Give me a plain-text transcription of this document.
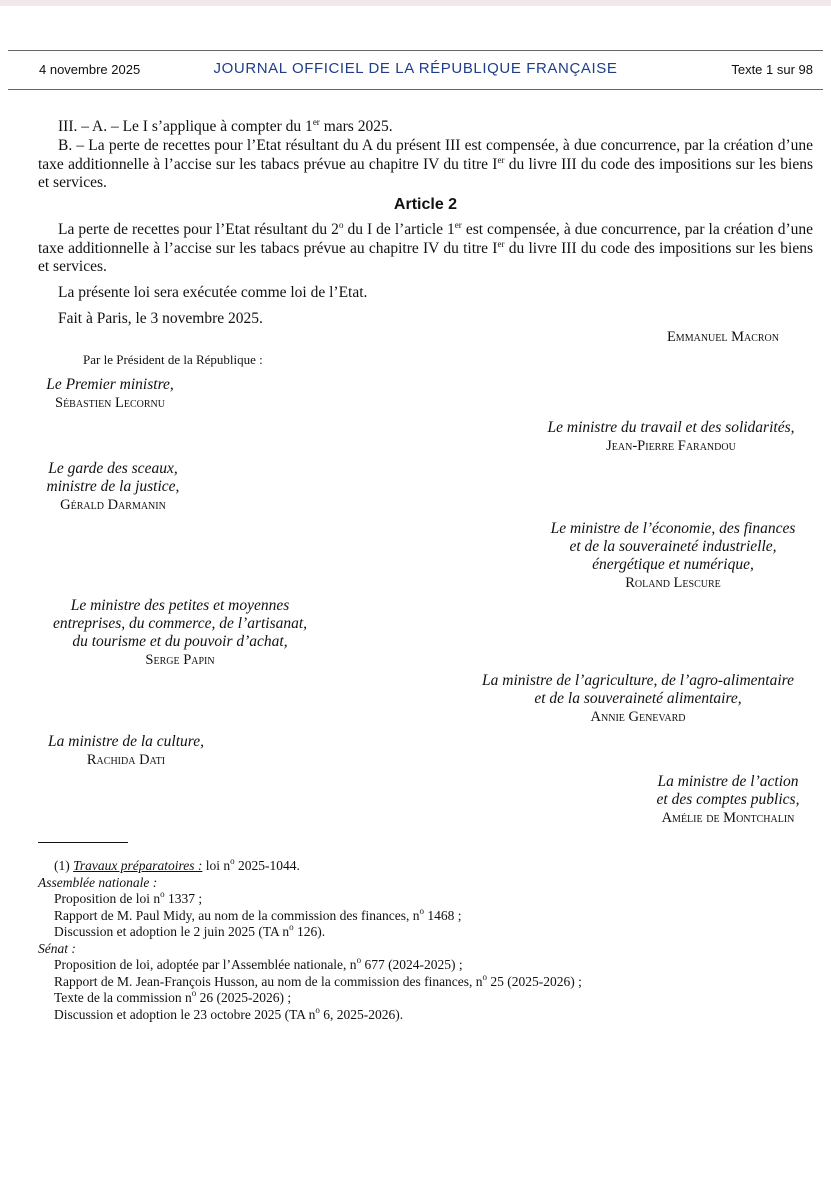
4 novembre 2025	JOURNAL OFFICIEL DE LA RÉPUBLIQUE FRANÇAISE	Texte 1 sur 98

III. – A. – Le I s’applique à compter du 1er mars 2025.

B. – La perte de recettes pour l’Etat résultant du A du présent III est compensée, à due concurrence, par la création d’une taxe additionnelle à l’accise sur les tabacs prévue au chapitre IV du titre Ier du livre III du code des impositions sur les biens et services.

Article 2

La perte de recettes pour l’Etat résultant du 2$^o$ du I de l’article 1er est compensée, à due concurrence, par la création d’une taxe additionnelle à l’accise sur les tabacs prévue au chapitre IV du titre Ier du livre III du code des impositions sur les biens et services.

La présente loi sera exécutée comme loi de l’Etat.

Fait à Paris, le 3 novembre 2025.

Emmanuel Macron
Par le Président de la République :
Le Premier ministre,
Sébastien Lecornu
Le ministre du travail et des solidarités,
Jean-Pierre Farandou
Le garde des sceaux,
ministre de la justice,
Gérald Darmanin
Le ministre de l’économie, des finances
et de la souveraineté industrielle,
énergétique et numérique,
Roland Lescure
Le ministre des petites et moyennes
entreprises, du commerce, de l’artisanat,
du tourisme et du pouvoir d’achat,
Serge Papin
La ministre de l’agriculture, de l’agro-alimentaire
et de la souveraineté alimentaire,
Annie Genevard
La ministre de la culture,
Rachida Dati
La ministre de l’action
et des comptes publics,
Amélie de Montchalin
(1) Travaux préparatoires : loi $n^o$ 2025-1044.
Assemblée nationale :
Proposition de loi $n^o$ 1337 ;
Rapport de M. Paul Midy, au nom de la commission des finances, $n^o$ 1468 ;
Discussion et adoption le 2 juin 2025 (TA $n^o$ 126).
Sénat :
Proposition de loi, adoptée par l’Assemblée nationale, $n^o$ 677 (2024-2025) ;
Rapport de M. Jean-François Husson, au nom de la commission des finances, $n^o$ 25 (2025-2026) ;
Texte de la commission $n^o$ 26 (2025-2026) ;
Discussion et adoption le 23 octobre 2025 (TA $n^o$ 6, 2025-2026).
